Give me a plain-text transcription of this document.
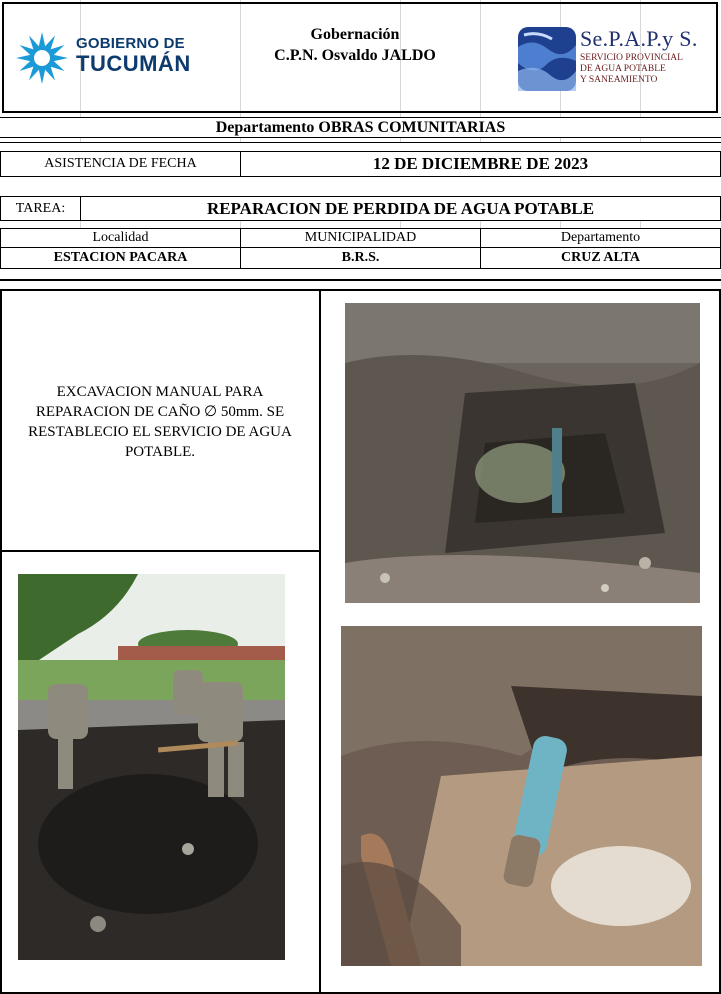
GOBIERNO DE
TUCUMÁN
Gobernación
C.P.N. Osvaldo JALDO
Se.P.A.P.y S.
SERVICIO PROVINCIAL
DE AGUA POTABLE
Y SANEAMIENTO
Departamento OBRAS COMUNITARIAS
ASISTENCIA DE FECHA	12 DE DICIEMBRE DE 2023
TAREA:	REPARACION DE PERDIDA DE AGUA POTABLE
Localidad	MUNICIPALIDAD	Departamento
ESTACION PACARA	B.R.S.	CRUZ ALTA
EXCAVACION MANUAL PARA REPARACION DE CAÑO ∅ 50mm. SE RESTABLECIO EL SERVICIO DE AGUA POTABLE.
